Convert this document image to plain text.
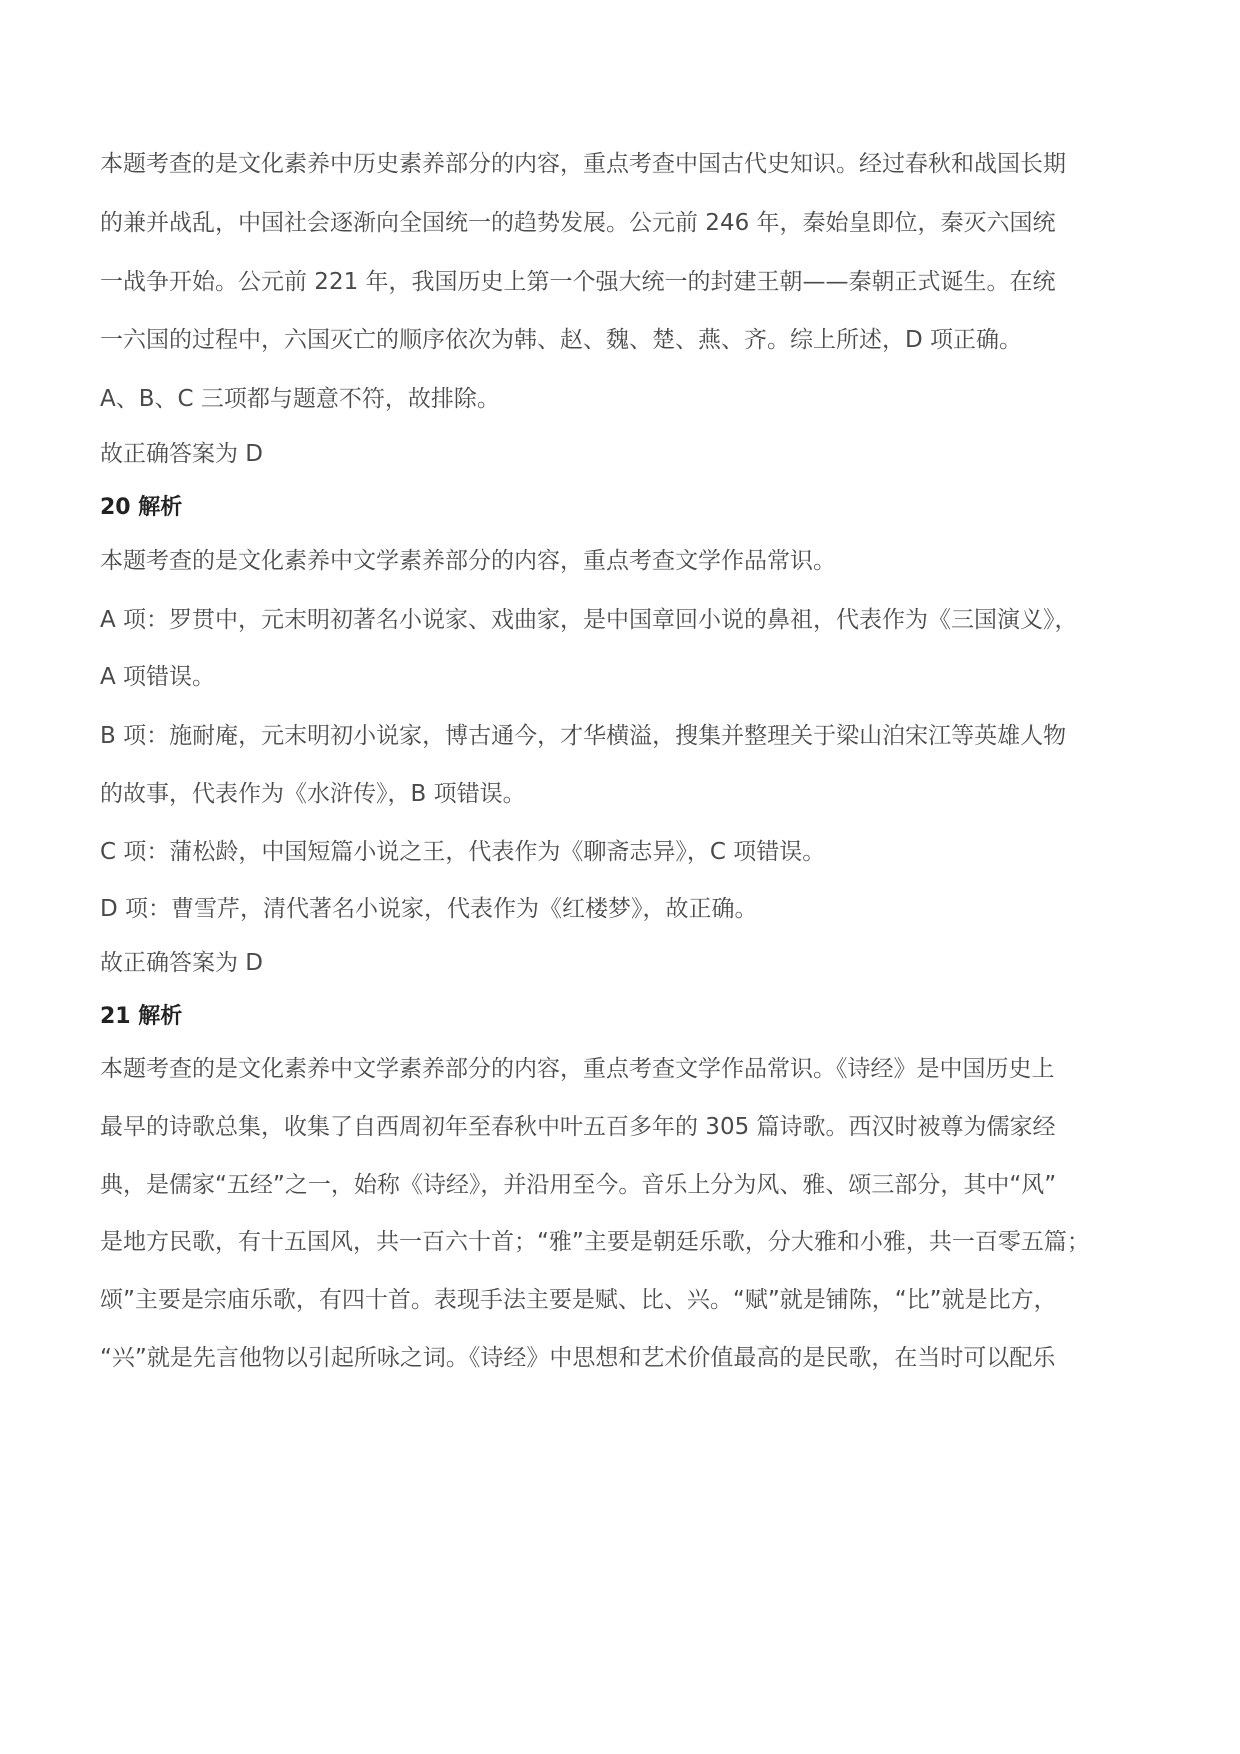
本题考查的是文化素养中历史素养部分的内容，重点考查中国古代史知识。经过春秋和战国长期
的兼并战乱，中国社会逐渐向全国统一的趋势发展。公元前 246 年，秦始皇即位，秦灭六国统
一战争开始。公元前 221 年，我国历史上第一个强大统一的封建王朝——秦朝正式诞生。在统
一六国的过程中，六国灭亡的顺序依次为韩、赵、魏、楚、燕、齐。综上所述，D 项正确。
A、B、C 三项都与题意不符，故排除。
故正确答案为 D
20 解析
本题考查的是文化素养中文学素养部分的内容，重点考查文学作品常识。
A 项：罗贯中，元末明初著名小说家、戏曲家，是中国章回小说的鼻祖，代表作为《三国演义》，
A 项错误。
B 项：施耐庵，元末明初小说家，博古通今，才华横溢，搜集并整理关于梁山泊宋江等英雄人物
的故事，代表作为《水浒传》，B 项错误。
C 项：蒲松龄，中国短篇小说之王，代表作为《聊斋志异》，C 项错误。
D 项：曹雪芹，清代著名小说家，代表作为《红楼梦》，故正确。
故正确答案为 D
21 解析
本题考查的是文化素养中文学素养部分的内容，重点考查文学作品常识。《诗经》是中国历史上
最早的诗歌总集，收集了自西周初年至春秋中叶五百多年的 305 篇诗歌。西汉时被尊为儒家经
典，是儒家“五经”之一，始称《诗经》，并沿用至今。音乐上分为风、雅、颂三部分，其中“风”
是地方民歌，有十五国风，共一百六十首；“雅”主要是朝廷乐歌，分大雅和小雅，共一百零五篇；
颂”主要是宗庙乐歌，有四十首。表现手法主要是赋、比、兴。“赋”就是铺陈，“比”就是比方，
“兴”就是先言他物以引起所咏之词。《诗经》中思想和艺术价值最高的是民歌，在当时可以配乐
